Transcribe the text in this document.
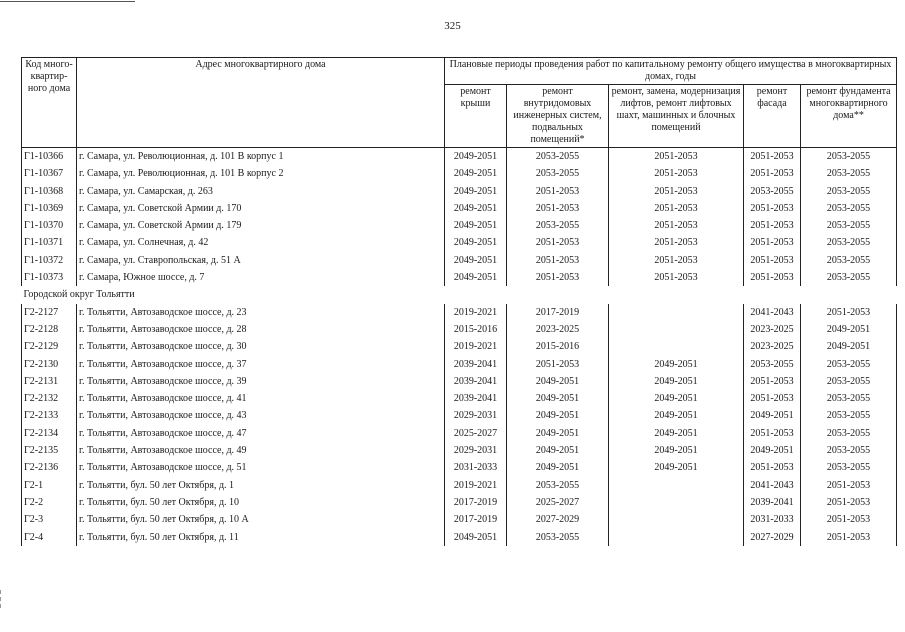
325
Код много-квартир-ного дома	Адрес многоквартирного дома	Плановые периоды проведения работ по капитальному ремонту общего имущества в многоквартирных домах, годы				
		ремонт крыши	ремонт внутридомовых инженерных систем, подвальных помещений*	ремонт, замена, модернизация лифтов, ремонт лифтовых шахт, машинных и блочных помещений	ремонт фасада	ремонт фундамента многоквартирного дома**
Г1-10366	г. Самара, ул. Революционная, д. 101 В корпус 1	2049-2051	2053-2055	2051-2053	2051-2053	2053-2055
Г1-10367	г. Самара, ул. Революционная, д. 101 В корпус 2	2049-2051	2053-2055	2051-2053	2051-2053	2053-2055
Г1-10368	г. Самара, ул. Самарская, д. 263	2049-2051	2051-2053	2051-2053	2053-2055	2053-2055
Г1-10369	г. Самара, ул. Советской Армии д. 170	2049-2051	2051-2053	2051-2053	2051-2053	2053-2055
Г1-10370	г. Самара, ул. Советской Армии д. 179	2049-2051	2053-2055	2051-2053	2051-2053	2053-2055
Г1-10371	г. Самара, ул. Солнечная, д. 42	2049-2051	2051-2053	2051-2053	2051-2053	2053-2055
Г1-10372	г. Самара, ул. Ставропольская, д. 51 А	2049-2051	2051-2053	2051-2053	2051-2053	2053-2055
Г1-10373	г. Самара, Южное шоссе, д. 7	2049-2051	2051-2053	2051-2053	2051-2053	2053-2055
Городской округ Тольятти						
Г2-2127	г. Тольятти, Автозаводское шоссе, д. 23	2019-2021	2017-2019		2041-2043	2051-2053
Г2-2128	г. Тольятти, Автозаводское шоссе, д. 28	2015-2016	2023-2025		2023-2025	2049-2051
Г2-2129	г. Тольятти, Автозаводское шоссе, д. 30	2019-2021	2015-2016		2023-2025	2049-2051
Г2-2130	г. Тольятти, Автозаводское шоссе, д. 37	2039-2041	2051-2053	2049-2051	2053-2055	2053-2055
Г2-2131	г. Тольятти, Автозаводское шоссе, д. 39	2039-2041	2049-2051	2049-2051	2051-2053	2053-2055
Г2-2132	г. Тольятти, Автозаводское шоссе, д. 41	2039-2041	2049-2051	2049-2051	2051-2053	2053-2055
Г2-2133	г. Тольятти, Автозаводское шоссе, д. 43	2029-2031	2049-2051	2049-2051	2049-2051	2053-2055
Г2-2134	г. Тольятти, Автозаводское шоссе, д. 47	2025-2027	2049-2051	2049-2051	2051-2053	2053-2055
Г2-2135	г. Тольятти, Автозаводское шоссе, д. 49	2029-2031	2049-2051	2049-2051	2049-2051	2053-2055
Г2-2136	г. Тольятти, Автозаводское шоссе, д. 51	2031-2033	2049-2051	2049-2051	2051-2053	2053-2055
Г2-1	г. Тольятти, бул. 50 лет Октября, д. 1	2019-2021	2053-2055		2041-2043	2051-2053
Г2-2	г. Тольятти, бул. 50 лет Октября, д. 10	2017-2019	2025-2027		2039-2041	2051-2053
Г2-3	г. Тольятти, бул. 50 лет Октября, д. 10 А	2017-2019	2027-2029		2031-2033	2051-2053
Г2-4	г. Тольятти, бул. 50 лет Октября, д. 11	2049-2051	2053-2055		2027-2029	2051-2053
